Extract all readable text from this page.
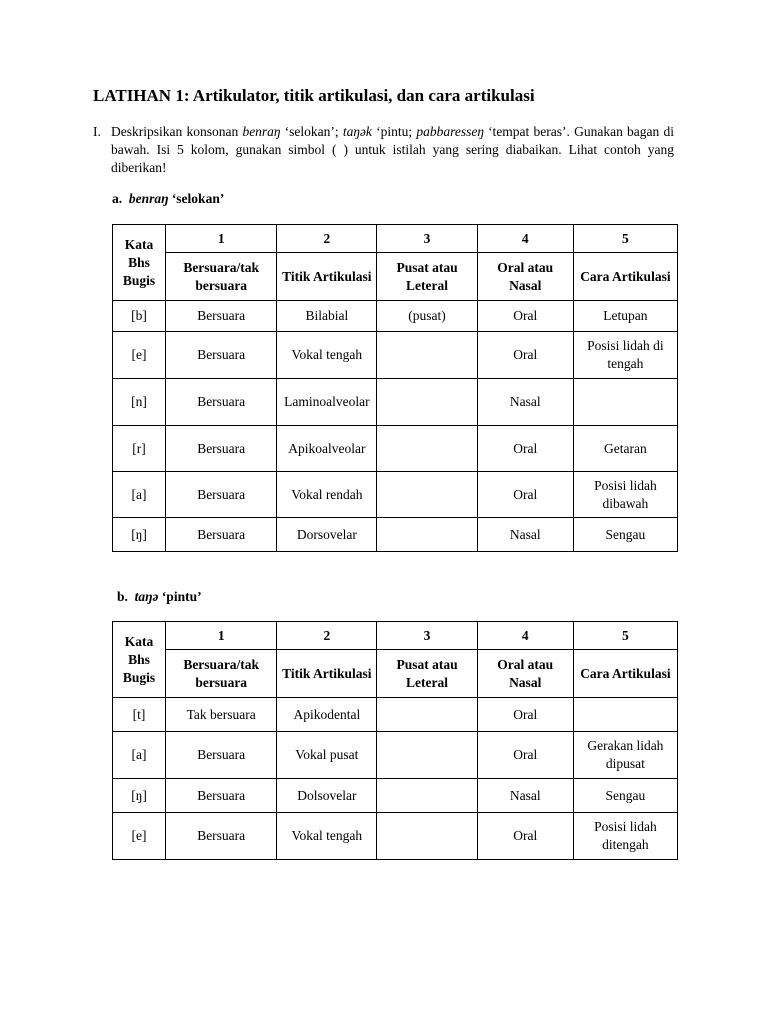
LATIHAN 1: Artikulator, titik artikulasi, dan cara artikulasi
I. Deskripsikan konsonan benraŋ ‘selokan’; taŋək ‘pintu; pabbaresseŋ ‘tempat beras’. Gunakan bagan di bawah. Isi 5 kolom, gunakan simbol ( ) untuk istilah yang sering diabaikan. Lihat contoh yang diberikan!
a. benraŋ ‘selokan’
Kata Bhs Bugis	1	2	3	4	5
	Bersuara/tak bersuara	Titik Artikulasi	Pusat atau Leteral	Oral atau Nasal	Cara Artikulasi
[b]	Bersuara	Bilabial	(pusat)	Oral	Letupan
[e]	Bersuara	Vokal tengah		Oral	Posisi lidah di tengah
[n]	Bersuara	Laminoalveolar		Nasal	
[r]	Bersuara	Apikoalveolar		Oral	Getaran
[a]	Bersuara	Vokal rendah		Oral	Posisi lidah dibawah
[ŋ]	Bersuara	Dorsovelar		Nasal	Sengau
b. taŋə ‘pintu’
Kata Bhs Bugis	1	2	3	4	5
	Bersuara/tak bersuara	Titik Artikulasi	Pusat atau Leteral	Oral atau Nasal	Cara Artikulasi
[t]	Tak bersuara	Apikodental		Oral	
[a]	Bersuara	Vokal pusat		Oral	Gerakan lidah dipusat
[ŋ]	Bersuara	Dolsovelar		Nasal	Sengau
[e]	Bersuara	Vokal tengah		Oral	Posisi lidah ditengah
